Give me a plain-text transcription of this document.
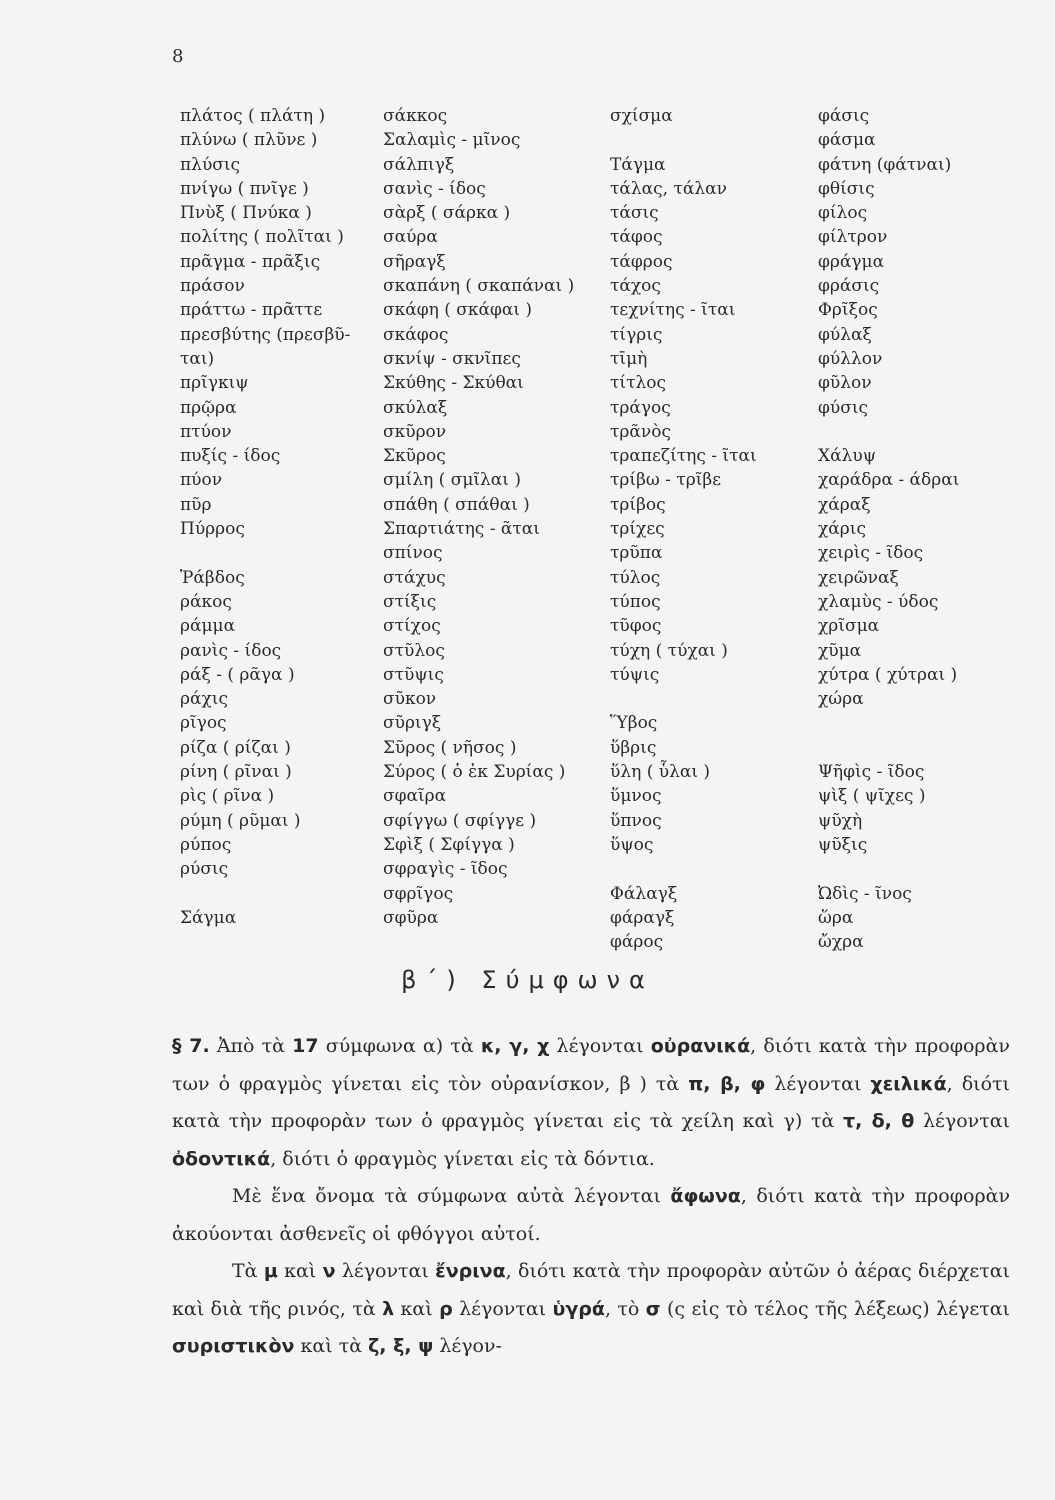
8
πλάτος ( πλάτη )
πλύνω ( πλῦνε )
πλύσις
πνίγω ( πνῖγε )
Πνὺξ ( Πνύκα )
πολίτης ( πολῖται )
πρᾶγμα - πρᾶξις
πράσον
πράττω - πρᾶττε
πρεσβύτης (πρεσβῦ-
ται)
πρῖγκιψ
πρῷρα
πτύον
πυξίς - ίδος
πύον
πῦρ
Πύρρος
Ῥάβδος
ράκος
ράμμα
ρανὶς - ίδος
ράξ - ( ρᾶγα )
ράχις
ρῖγος
ρίζα ( ρίζαι )
ρίνη ( ρῖναι )
ρὶς ( ρῖνα )
ρύμη ( ρῦμαι )
ρύπος
ρύσις
Σάγμα
σάκκος
Σαλαμὶς - μῖνος
σάλπιγξ
σανὶς - ίδος
σὰρξ ( σάρκα )
σαύρα
σῆραγξ
σκαπάνη ( σκαπάναι )
σκάφη ( σκάφαι )
σκάφος
σκνίψ - σκνῖπες
Σκύθης - Σκύθαι
σκύλαξ
σκῦρον
Σκῦρος
σμίλη ( σμῖλαι )
σπάθη ( σπάθαι )
Σπαρτιάτης - ᾶται
σπίνος
στάχυς
στίξις
στίχος
στῦλος
στῦψις
σῦκον
σῦριγξ
Σῦρος ( νῆσος )
Σύρος ( ὁ ἐκ Συρίας )
σφαῖρα
σφίγγω ( σφίγγε )
Σφὶξ ( Σφίγγα )
σφραγὶς - ῖδος
σφρῖγος
σφῦρα
σχίσμα
Τάγμα
τάλας, τάλαν
τάσις
τάφος
τάφρος
τάχος
τεχνίτης - ῖται
τίγρις
τῑμὴ
τίτλος
τράγος
τρᾶνὸς
τραπεζίτης - ῖται
τρίβω - τρῖβε
τρίβος
τρίχες
τρῦπα
τύλος
τύπος
τῦφος
τύχη ( τύχαι )
τύψις
Ὕβος
ὕβρις
ὕλη ( ὗλαι )
ὕμνος
ὕπνος
ὕψος
Φάλαγξ
φάραγξ
φάρος
φάσις
φάσμα
φάτνη (φάτναι)
φθίσις
φίλος
φίλτρον
φράγμα
φράσις
Φρῖξος
φύλαξ
φύλλον
φῦλον
φύσις
Χάλυψ
χαράδρα - άδραι
χάραξ
χάρις
χειρὶς - ῖδος
χειρῶναξ
χλαμὺς - ύδος
χρῖσμα
χῦμα
χύτρα ( χύτραι )
χώρα
Ψῆφὶς - ῖδος
ψὶξ ( ψῖχες )
ψῦχὴ
ψῦξις
Ὠδὶς - ῖνος
ὥρα
ὤχρα
β΄) Σύμφωνα

§ 7. Ἀπὸ τὰ 17 σύμφωνα α) τὰ κ, γ, χ λέγονται οὐρανικά, διότι κατὰ τὴν προφορὰν των ὁ φραγμὸς γίνεται εἰς τὸν οὐρανίσκον, β ) τὰ π, β, φ λέγονται χειλικά, διότι κατὰ τὴν προφορὰν των ὁ φραγμὸς γίνεται εἰς τὰ χείλη καὶ γ) τὰ τ, δ, θ λέγονται ὀδοντικά, διότι ὁ φραγμὸς γίνεται εἰς τὰ δόντια.

Μὲ ἕνα ὄνομα τὰ σύμφωνα αὐτὰ λέγονται ἄφωνα, διότι κατὰ τὴν προφορὰν ἀκούονται ἀσθενεῖς οἱ φθόγγοι αὐτοί.

Τὰ μ καὶ ν λέγονται ἔνρινα, διότι κατὰ τὴν προφορὰν αὐτῶν ὁ ἀέρας διέρχεται καὶ διὰ τῆς ρινός, τὰ λ καὶ ρ λέγονται ὑγρά, τὸ σ (ς εἰς τὸ τέλος τῆς λέξεως) λέγεται συριστικὸν καὶ τὰ ζ, ξ, ψ λέγον-
